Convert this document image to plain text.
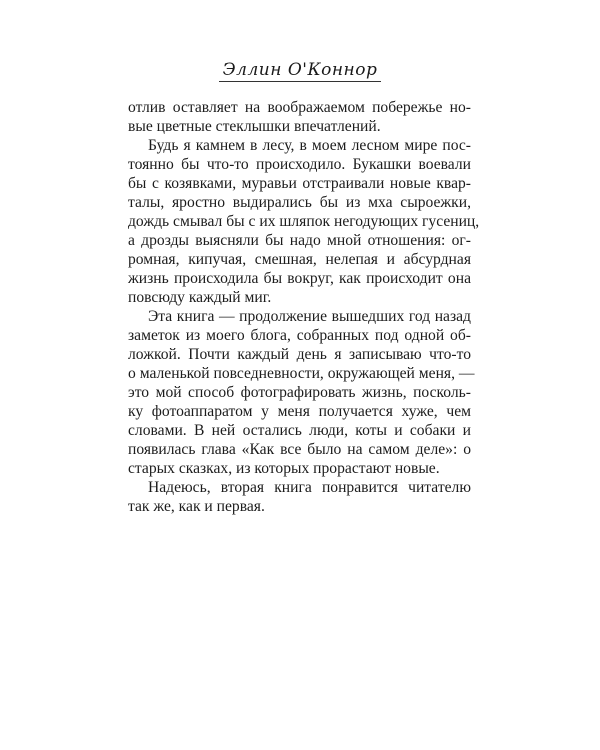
Эллин О'Коннор
отлив оставляет на воображаемом побережье но-
вые цветные стеклышки впечатлений.
Будь я камнем в лесу, в моем лесном мире пос-
тоянно бы что-то происходило. Букашки воевали
бы с козявками, муравьи отстраивали новые квар-
талы, яростно выдирались бы из мха сыроежки,
дождь смывал бы с их шляпок негодующих гусениц,
а дрозды выясняли бы надо мной отношения: ог-
ромная, кипучая, смешная, нелепая и абсурдная
жизнь происходила бы вокруг, как происходит она
повсюду каждый миг.
Эта книга — продолжение вышедших год назад
заметок из моего блога, собранных под одной об-
ложкой. Почти каждый день я записываю что-то
о маленькой повседневности, окружающей меня, —
это мой способ фотографировать жизнь, посколь-
ку фотоаппаратом у меня получается хуже, чем
словами. В ней остались люди, коты и собаки и
появилась глава «Как все было на самом деле»: о
старых сказках, из которых прорастают новые.
Надеюсь, вторая книга понравится читателю
так же, как и первая.
